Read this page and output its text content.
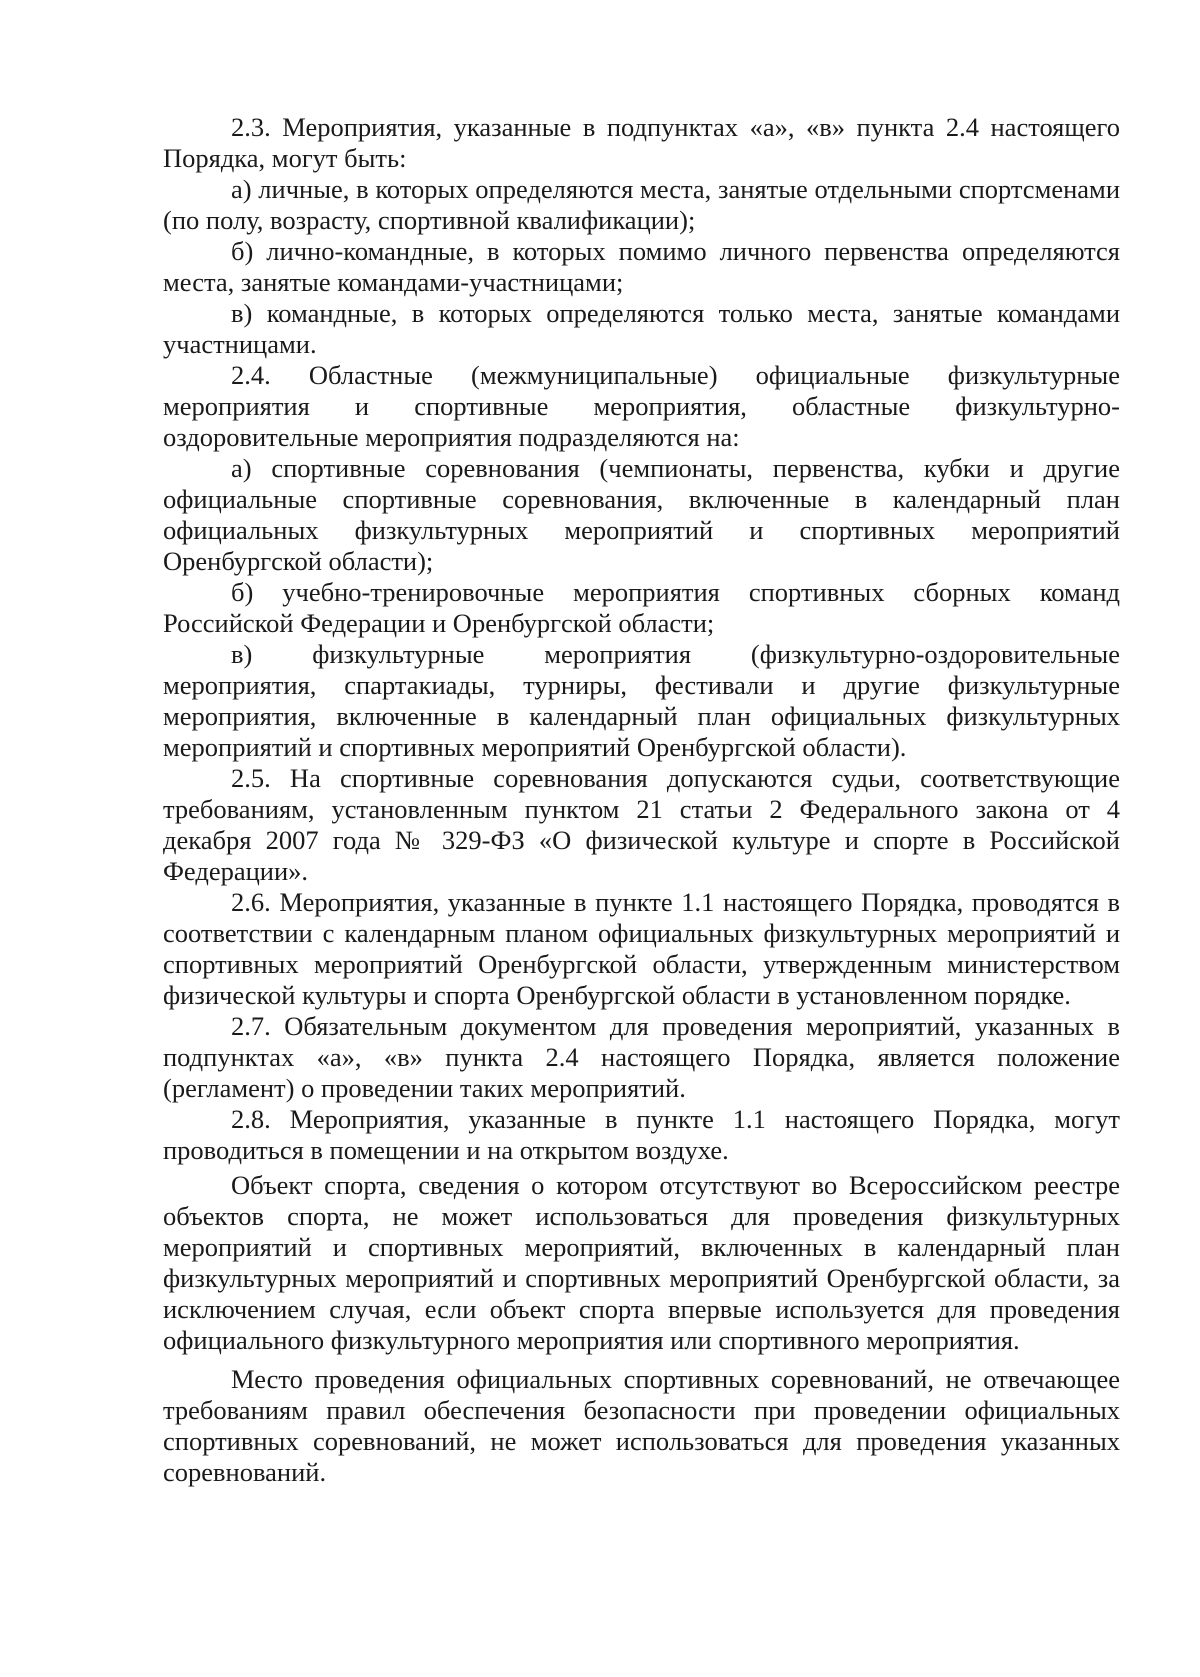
2.3. Мероприятия, указанные в подпунктах «а», «в» пункта 2.4 настоящего Порядка, могут быть:

а) личные, в которых определяются места, занятые отдельными спортсменами (по полу, возрасту, спортивной квалификации);

б) лично-командные, в которых помимо личного первенства определяются места, занятые командами-участницами;

в) командные, в которых определяются только места, занятые командами участницами.

2.4. Областные (межмуниципальные) официальные физкультурные мероприятия и спортивные мероприятия, областные физкультурно-оздоровительные мероприятия подразделяются на:

а) спортивные соревнования (чемпионаты, первенства, кубки и другие официальные спортивные соревнования, включенные в календарный план официальных физкультурных мероприятий и спортивных мероприятий Оренбургской области);

б) учебно-тренировочные мероприятия спортивных сборных команд Российской Федерации и Оренбургской области;

в) физкультурные мероприятия (физкультурно-оздоровительные мероприятия, спартакиады, турниры, фестивали и другие физкультурные мероприятия, включенные в календарный план официальных физкультурных мероприятий и спортивных мероприятий Оренбургской области).

2.5. На спортивные соревнования допускаются судьи, соответствующие требованиям, установленным пунктом 21 статьи 2 Федерального закона от 4 декабря 2007 года № 329-ФЗ «О физической культуре и спорте в Российской Федерации».

2.6. Мероприятия, указанные в пункте 1.1 настоящего Порядка, проводятся в соответствии с календарным планом официальных физкультурных мероприятий и спортивных мероприятий Оренбургской области, утвержденным министерством физической культуры и спорта Оренбургской области в установленном порядке.

2.7. Обязательным документом для проведения мероприятий, указанных в подпунктах «а», «в» пункта 2.4 настоящего Порядка, является положение (регламент) о проведении таких мероприятий.

2.8. Мероприятия, указанные в пункте 1.1 настоящего Порядка, могут проводиться в помещении и на открытом воздухе.

Объект спорта, сведения о котором отсутствуют во Всероссийском реестре объектов спорта, не может использоваться для проведения физкультурных мероприятий и спортивных мероприятий, включенных в календарный план физкультурных мероприятий и спортивных мероприятий Оренбургской области, за исключением случая, если объект спорта впервые используется для проведения официального физкультурного мероприятия или спортивного мероприятия.

Место проведения официальных спортивных соревнований, не отвечающее требованиям правил обеспечения безопасности при проведении официальных спортивных соревнований, не может использоваться для проведения указанных соревнований.
